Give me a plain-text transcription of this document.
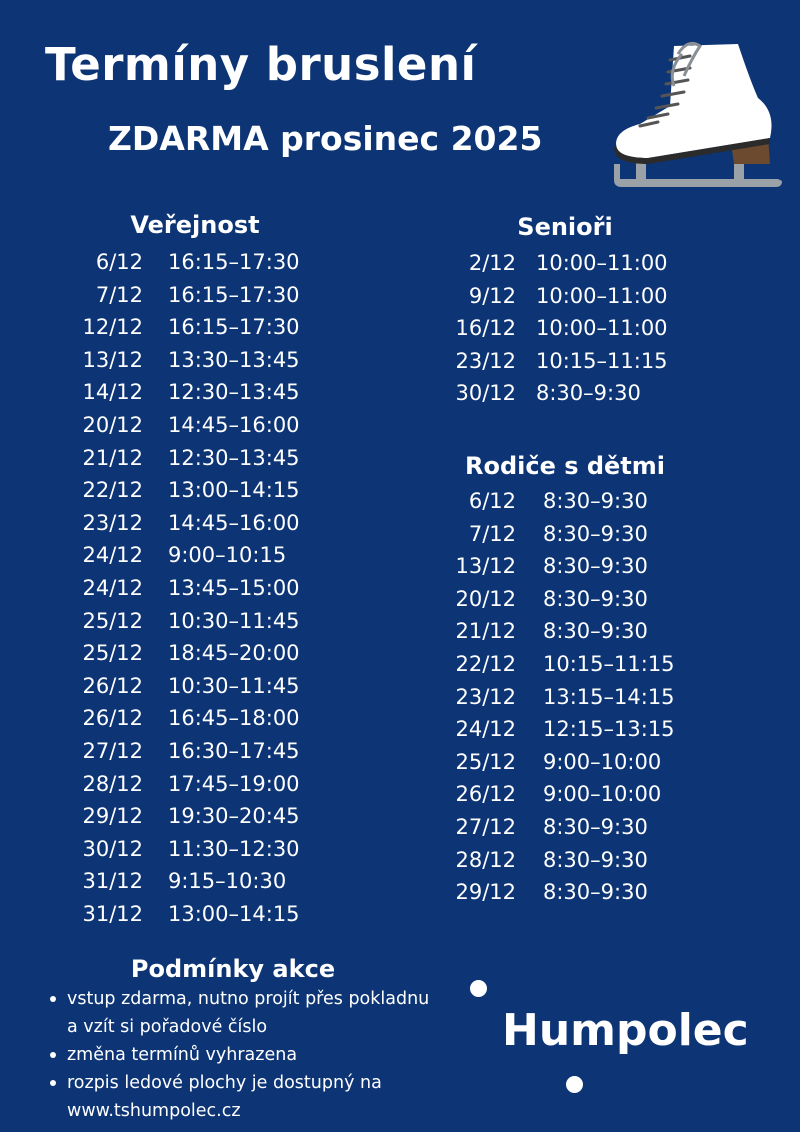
Termíny bruslení
ZDARMA prosinec 2025
Veřejnost
6/12 16:15–17:30
7/12 16:15–17:30
12/12 16:15–17:30
13/12 13:30–13:45
14/12 12:30–13:45
20/12 14:45–16:00
21/12 12:30–13:45
22/12 13:00–14:15
23/12 14:45–16:00
24/12 9:00–10:15
24/12 13:45–15:00
25/12 10:30–11:45
25/12 18:45–20:00
26/12 10:30–11:45
26/12 16:45–18:00
27/12 16:30–17:45
28/12 17:45–19:00
29/12 19:30–20:45
30/12 11:30–12:30
31/12 9:15–10:30
31/12 13:00–14:15
Senioři
2/12 10:00–11:00
9/12 10:00–11:00
16/12 10:00–11:00
23/12 10:15–11:15
30/12 8:30–9:30
Rodiče s dětmi
6/12 8:30–9:30
7/12 8:30–9:30
13/12 8:30–9:30
20/12 8:30–9:30
21/12 8:30–9:30
22/12 10:15–11:15
23/12 13:15–14:15
24/12 12:15–13:15
25/12 9:00–10:00
26/12 9:00–10:00
27/12 8:30–9:30
28/12 8:30–9:30
29/12 8:30–9:30
Podmínky akce
vstup zdarma, nutno projít přes pokladnu a vzít si pořadové číslo
změna termínů vyhrazena
rozpis ledové plochy je dostupný na www.tshumpolec.cz
Humpolec
